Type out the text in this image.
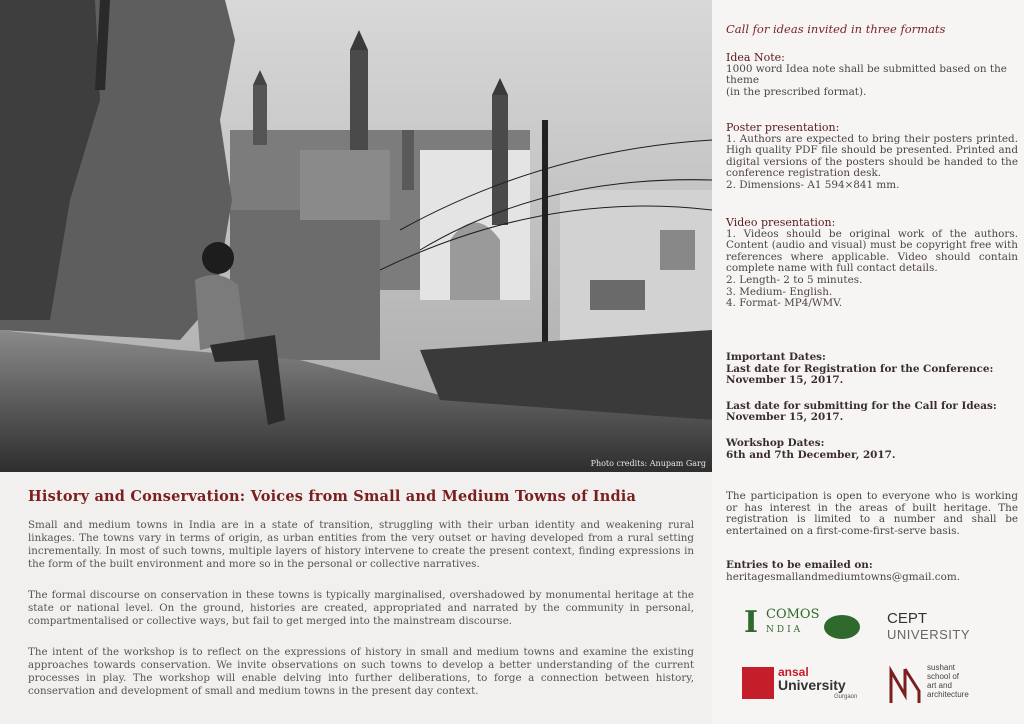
Photo credits: Anupam Garg
History and Conservation: Voices from Small and Medium Towns of India

Small and medium towns in India are in a state of transition, struggling with their urban identity and weakening rural linkages. The towns vary in terms of origin, as urban entities from the very outset or having developed from a rural setting incrementally. In most of such towns, multiple layers of history intervene to create the present context, finding expressions in the form of the built environment and more so in the personal or collective narratives.

The formal discourse on conservation in these towns is typically marginalised, overshadowed by monumental heritage at the state or national level. On the ground, histories are created, appropriated and narrated by the community in personal, compartmentalised or collective ways, but fail to get merged into the mainstream discourse.

The intent of the workshop is to reflect on the expressions of history in small and medium towns and examine the existing approaches towards conservation. We invite observations on such towns to develop a better understanding of the current processes in play. The workshop will enable delving into further deliberations, to forge a connection between history, conservation and development of small and medium towns in the present day context.

Call for ideas invited in three formats
Idea Note:
1000 word Idea note shall be submitted based on the theme
(in the prescribed format).
Poster presentation:
1. Authors are expected to bring their posters printed. High quality PDF file should be presented. Printed and digital versions of the posters should be handed to the conference registration desk.
2. Dimensions- A1 594×841 mm.
Video presentation:
1. Videos should be original work of the authors. Content (audio and visual) must be copyright free with references where applicable. Video should contain complete name with full contact details.
2. Length- 2 to 5 minutes.
3. Medium- English.
4. Format- MP4/WMV.
Important Dates:
Last date for Registration for the Conference:
November 15, 2017.
Last date for submitting for the Call for Ideas:
November 15, 2017.
Workshop Dates:
6th and 7th December, 2017.
The participation is open to everyone who is working or has interest in the areas of built heritage. The registration is limited to a number and shall be entertained on a first-come-first-serve basis.
Entries to be emailed on:
heritagesmallandmediumtowns@gmail.com.
I COMOS
NDIA
CEPT
UNIVERSITY
ansal
University
Gurgaon
sushant
school of
art and
architecture
